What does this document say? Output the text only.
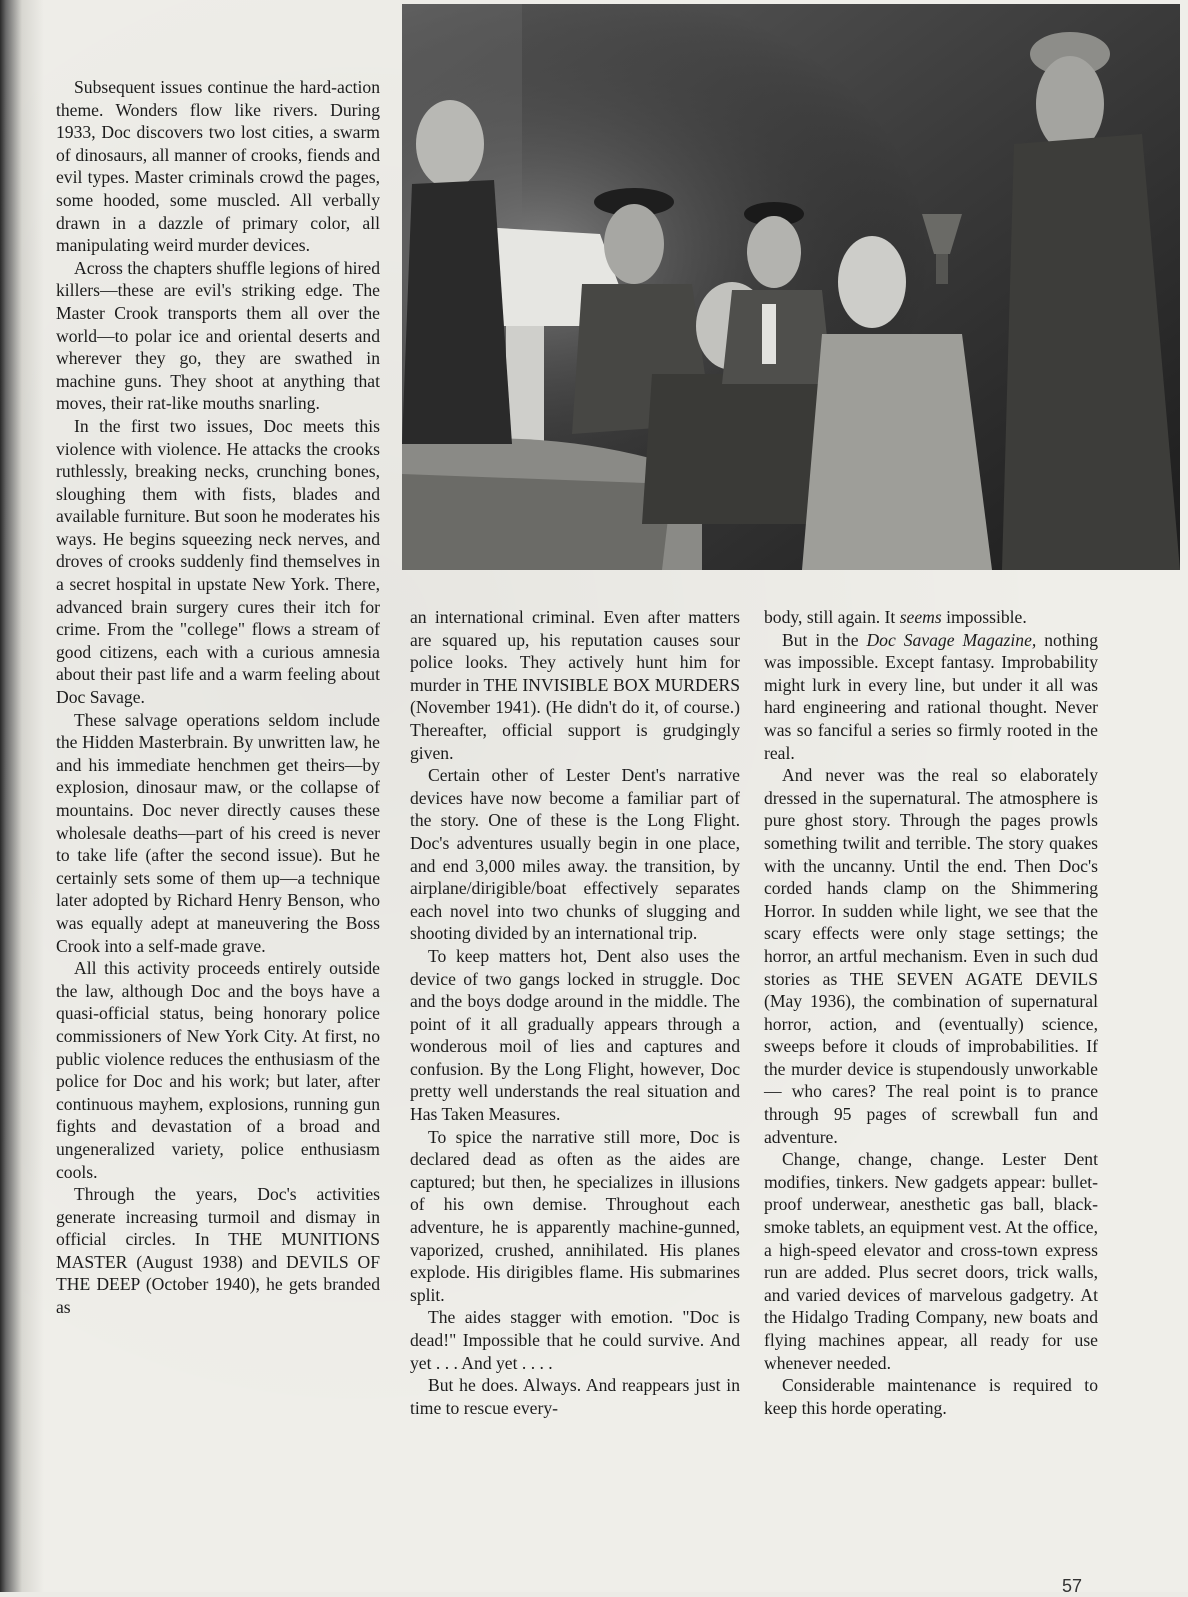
Subsequent issues continue the hard-action theme. Wonders flow like rivers. During 1933, Doc discovers two lost cities, a swarm of dinosaurs, all manner of crooks, fiends and evil types. Master criminals crowd the pages, some hooded, some muscled. All verbally drawn in a dazzle of primary color, all manipulating weird murder devices.

Across the chapters shuffle legions of hired killers—these are evil's striking edge. The Master Crook transports them all over the world—to polar ice and oriental deserts and wherever they go, they are swathed in machine guns. They shoot at anything that moves, their rat-like mouths snarling.

In the first two issues, Doc meets this violence with violence. He attacks the crooks ruthlessly, breaking necks, crunching bones, sloughing them with fists, blades and available furniture. But soon he moderates his ways. He begins squeezing neck nerves, and droves of crooks suddenly find themselves in a secret hospital in upstate New York. There, advanced brain surgery cures their itch for crime. From the "college" flows a stream of good citizens, each with a curious amnesia about their past life and a warm feeling about Doc Savage.

These salvage operations seldom include the Hidden Masterbrain. By unwritten law, he and his immediate henchmen get theirs—by explosion, dinosaur maw, or the collapse of mountains. Doc never directly causes these wholesale deaths—part of his creed is never to take life (after the second issue). But he certainly sets some of them up—a technique later adopted by Richard Henry Benson, who was equally adept at maneuvering the Boss Crook into a self-made grave.

All this activity proceeds entirely outside the law, although Doc and the boys have a quasi-official status, being honorary police commissioners of New York City. At first, no public violence reduces the enthusiasm of the police for Doc and his work; but later, after continuous mayhem, explosions, running gun fights and devastation of a broad and ungeneralized variety, police enthusiasm cools.

Through the years, Doc's activities generate increasing turmoil and dismay in official circles. In THE MUNITIONS MASTER (August 1938) and DEVILS OF THE DEEP (October 1940), he gets branded as

an international criminal. Even after matters are squared up, his reputation causes sour police looks. They actively hunt him for murder in THE INVISIBLE BOX MURDERS (November 1941). (He didn't do it, of course.) Thereafter, official support is grudgingly given.

Certain other of Lester Dent's narrative devices have now become a familiar part of the story. One of these is the Long Flight. Doc's adventures usually begin in one place, and end 3,000 miles away. the transition, by airplane/dirigible/boat effectively separates each novel into two chunks of slugging and shooting divided by an international trip.

To keep matters hot, Dent also uses the device of two gangs locked in struggle. Doc and the boys dodge around in the middle. The point of it all gradually appears through a wonderous moil of lies and captures and confusion. By the Long Flight, however, Doc pretty well understands the real situation and Has Taken Measures.

To spice the narrative still more, Doc is declared dead as often as the aides are captured; but then, he specializes in illusions of his own demise. Throughout each adventure, he is apparently machine-gunned, vaporized, crushed, annihilated. His planes explode. His dirigibles flame. His submarines split.

The aides stagger with emotion. "Doc is dead!" Impossible that he could survive. And yet . . . And yet . . . .

But he does. Always. And reappears just in time to rescue every-

body, still again. It seems impossible.

But in the Doc Savage Magazine, nothing was impossible. Except fantasy. Improbability might lurk in every line, but under it all was hard engineering and rational thought. Never was so fanciful a series so firmly rooted in the real.

And never was the real so elaborately dressed in the supernatural. The atmosphere is pure ghost story. Through the pages prowls something twilit and terrible. The story quakes with the uncanny. Until the end. Then Doc's corded hands clamp on the Shimmering Horror. In sudden while light, we see that the scary effects were only stage settings; the horror, an artful mechanism. Even in such dud stories as THE SEVEN AGATE DEVILS (May 1936), the combination of supernatural horror, action, and (eventually) science, sweeps before it clouds of improbabilities. If the murder device is stupendously unworkable — who cares? The real point is to prance through 95 pages of screwball fun and adventure.

Change, change, change. Lester Dent modifies, tinkers. New gadgets appear: bullet-proof underwear, anesthetic gas ball, black-smoke tablets, an equipment vest. At the office, a high-speed elevator and cross-town express run are added. Plus secret doors, trick walls, and varied devices of marvelous gadgetry. At the Hidalgo Trading Company, new boats and flying machines appear, all ready for use whenever needed.

Considerable maintenance is required to keep this horde operating.

57
